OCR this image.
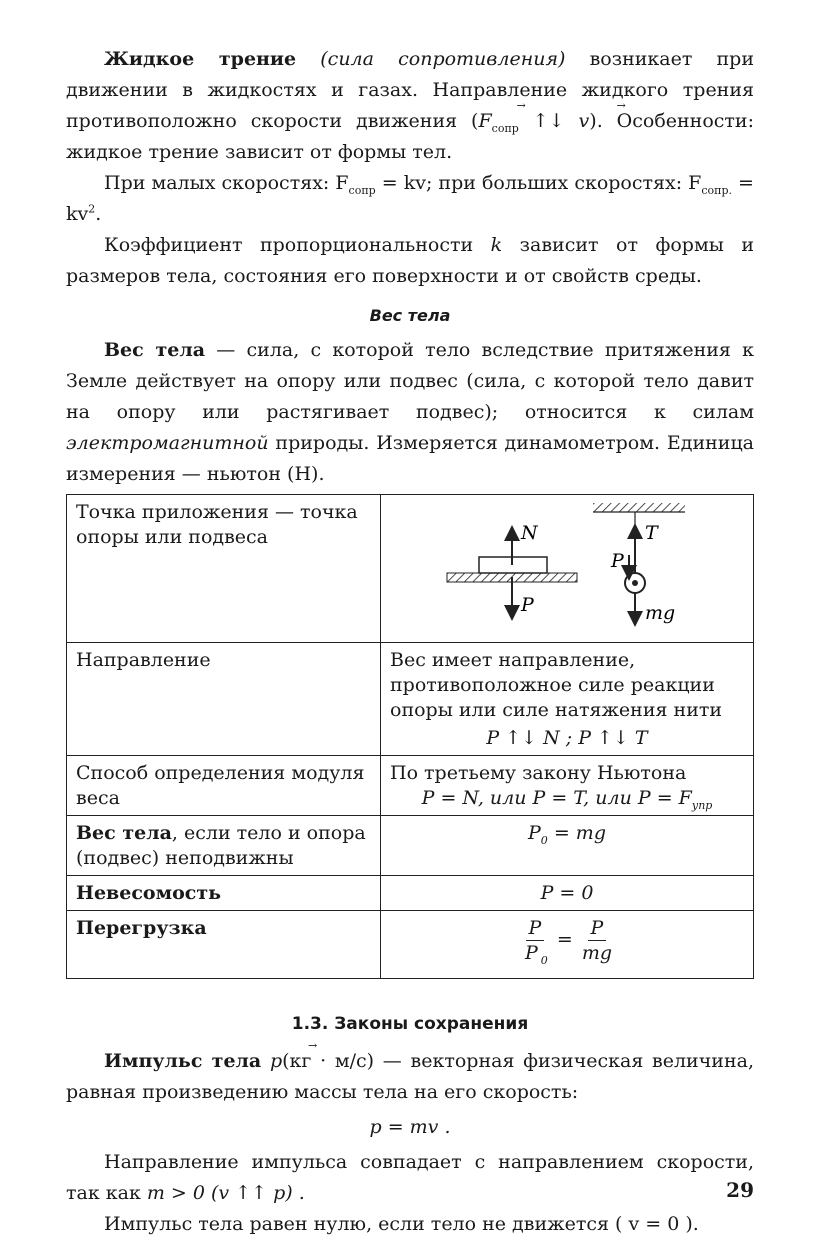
Жидкое трение (сила сопротивления) возникает при движении в жидкостях и газах. Направление жидкого трения противоположно скорости движения (→ $F_{сопр}$ ↑↓ → v). Особенности: жидкое трение зависит от формы тел.

При малых скоростях: $F_{сопр}$ = kv; при больших скоростях: $F_{сопр.} = kv^2$.

Коэффициент пропорциональности k зависит от формы и размеров тела, состояния его поверхности и от свойств среды.

Вес тела

Вес тела — сила, с которой тело вследствие притяжения к Земле действует на опору или подвес (сила, с которой тело давит на опору или растягивает подвес); относится к силам электромагнитной природы. Измеряется динамометром. Единица измерения — ньютон (Н).

Точка приложения — точка опоры или подвеса	N
P
T
P
mg

Направление	Вес имеет направление, противоположное силе реакции опоры или силе натяжения нити
P ↑↓ N ; P ↑↓ T

Способ определения модуля веса	По третьему закону Ньютона
P = N, или P = T, или $P = F_{упр}$

Вес тела, если тело и опора (подвес) неподвижны	$P_0$ = mg
Невесомость	P = 0
Перегрузка	$\frac{P}{P _0} = \frac{P}{mg}$
1.3. Законы сохранения

Импульс тела → p(кг · м/с) — векторная физическая величина, равная произведению массы тела на его скорость:

p = mv .

Направление импульса совпадает с направлением скорости, так как m > 0 (v ↑↑ p) .

Импульс тела равен нулю, если тело не движется ( v = 0 ).

29
